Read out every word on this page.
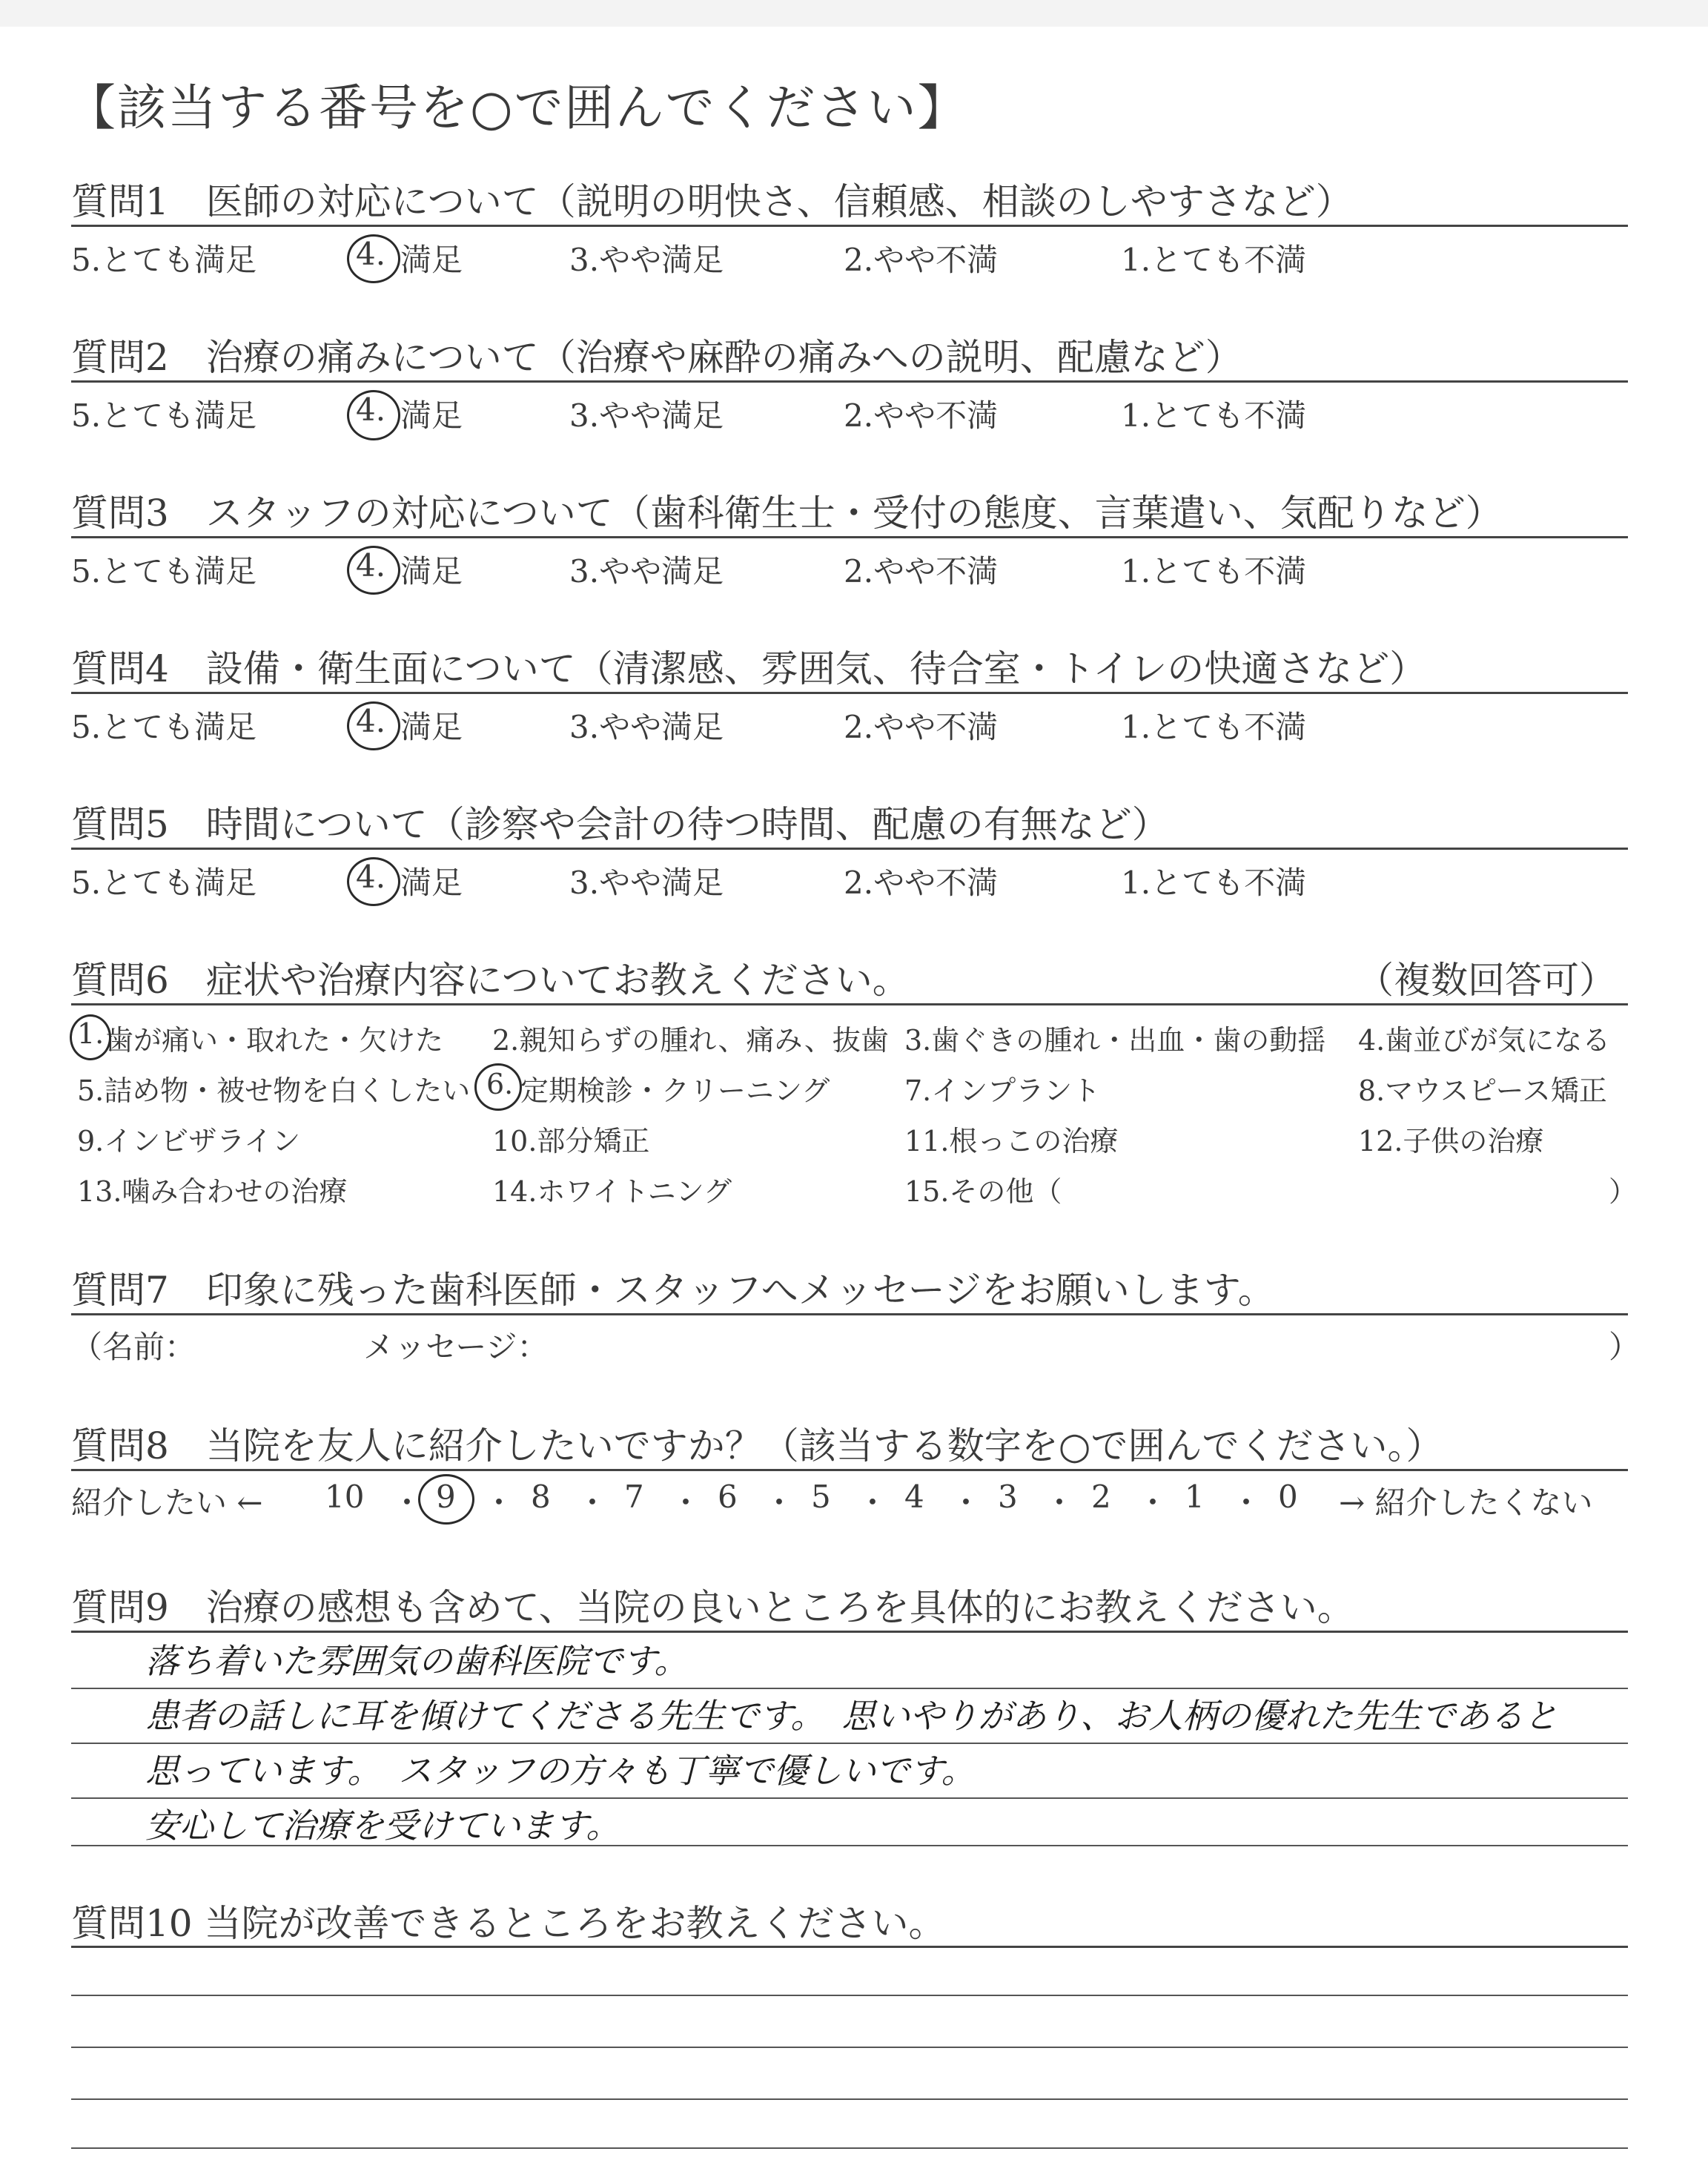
【該当する番号を○で囲んでください】
質問1　医師の対応について（説明の明快さ、信頼感、相談のしやすさなど）
5.とても満足	4. 満足	3.やや満足	2.やや不満	1.とても不満
質問2　治療の痛みについて（治療や麻酔の痛みへの説明、配慮など）
5.とても満足	4. 満足	3.やや満足	2.やや不満	1.とても不満
質問3　スタッフの対応について（歯科衛生士・受付の態度、言葉遣い、気配りなど）
5.とても満足	4. 満足	3.やや満足	2.やや不満	1.とても不満
質問4　設備・衛生面について（清潔感、雰囲気、待合室・トイレの快適さなど）
5.とても満足	4. 満足	3.やや満足	2.やや不満	1.とても不満
質問5　時間について（診察や会計の待つ時間、配慮の有無など）
5.とても満足	4. 満足	3.やや満足	2.やや不満	1.とても不満
質問6　症状や治療内容についてお教えください。	（複数回答可）
1. 歯が痛い・取れた・欠けた 2.親知らずの腫れ、痛み、抜歯 3.歯ぐきの腫れ・出血・歯の動揺 4.歯並びが気になる
5.詰め物・被せ物を白くしたい 6. 定期検診・クリーニング	7.インプラント	8.マウスピース矯正
9.インビザライン	10.部分矯正	11.根っこの治療	12.子供の治療
13.噛み合わせの治療	14.ホワイトニング	15.その他（	）
質問7　印象に残った歯科医師・スタッフへメッセージをお願いします。
（名前：	メッセージ：	）
質問8　当院を友人に紹介したいですか？（該当する数字を○で囲んでください。）
紹介したい ← 10 ・ 9 ・ 8 ・ 7 ・ 6 ・ 5 ・ 4 ・ 3 ・ 2 ・ 1 ・ 0 → 紹介したくない
質問9　治療の感想も含めて、当院の良いところを具体的にお教えください。
落ち着いた雰囲気の歯科医院です。
患者の話しに耳を傾けてくださる先生です。　思いやりがあり、お人柄の優れた先生であると
思っています。　スタッフの方々も丁寧で優しいです。
安心して治療を受けています。
質問10 当院が改善できるところをお教えください。
